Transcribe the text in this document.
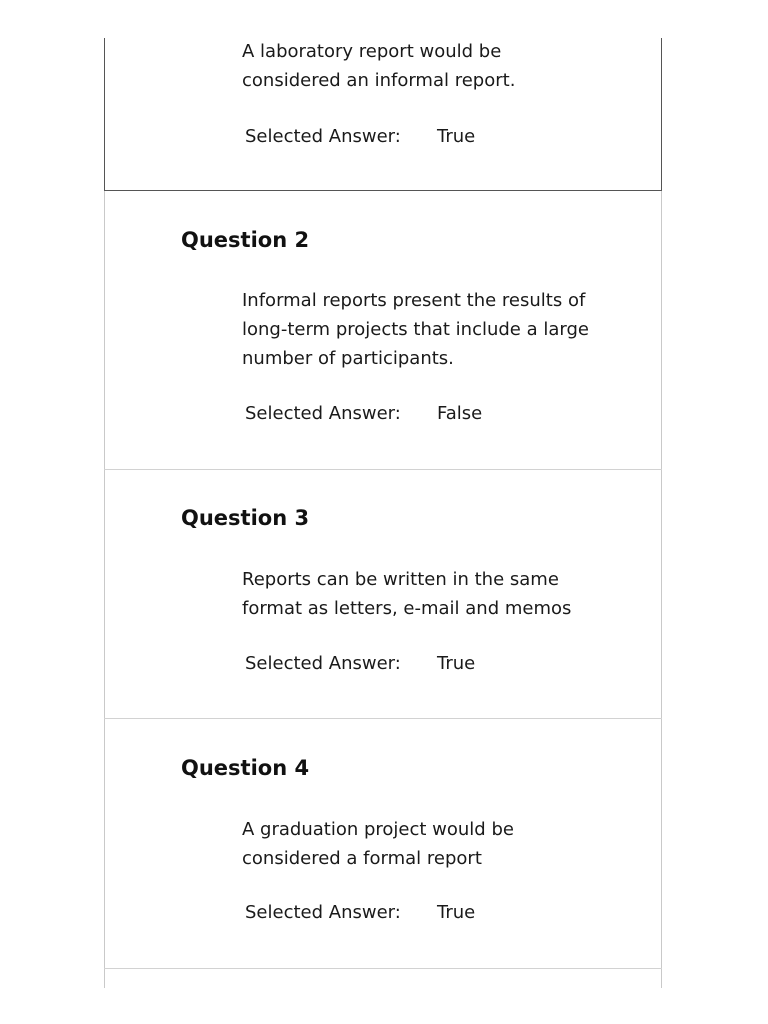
A laboratory report would be considered an informal report.

Selected Answer: True
Question 2

Informal reports present the results of long-term projects that include a large number of participants.

Selected Answer: False
Question 3

Reports can be written in the same format as letters, e-mail and memos

Selected Answer: True
Question 4

A graduation project would be considered a formal report

Selected Answer: True
